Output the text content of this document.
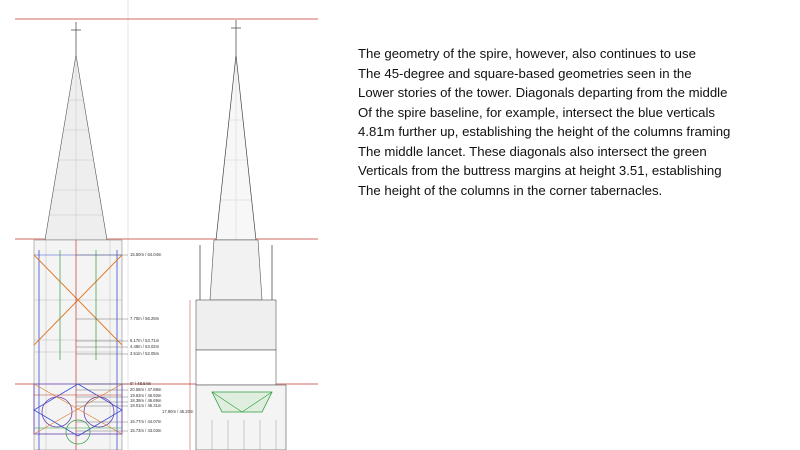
15.50m / 64.04m
7.70m / 56.29m
5.17m / 53.71m
4.48m / 53.02m
3.51m / 52.05m
0" / 48.54m
20.58m / 47.88m
19.63m / 46.93m
18.39m / 46.69m
19.01m / 46.31m
17.90m / 45.20m
16.77m / 44.07m
15.73m / 43.03m
The geometry of the spire, however, also continues to use
The 45-degree and square-based geometries seen in the
Lower stories of the tower. Diagonals departing from the middle
Of the spire baseline, for example, intersect the blue verticals
4.81m further up, establishing the height of the columns framing
The middle lancet. These diagonals also intersect the green
Verticals from the buttress margins at height 3.51, establishing
The height of the columns in the corner tabernacles.
